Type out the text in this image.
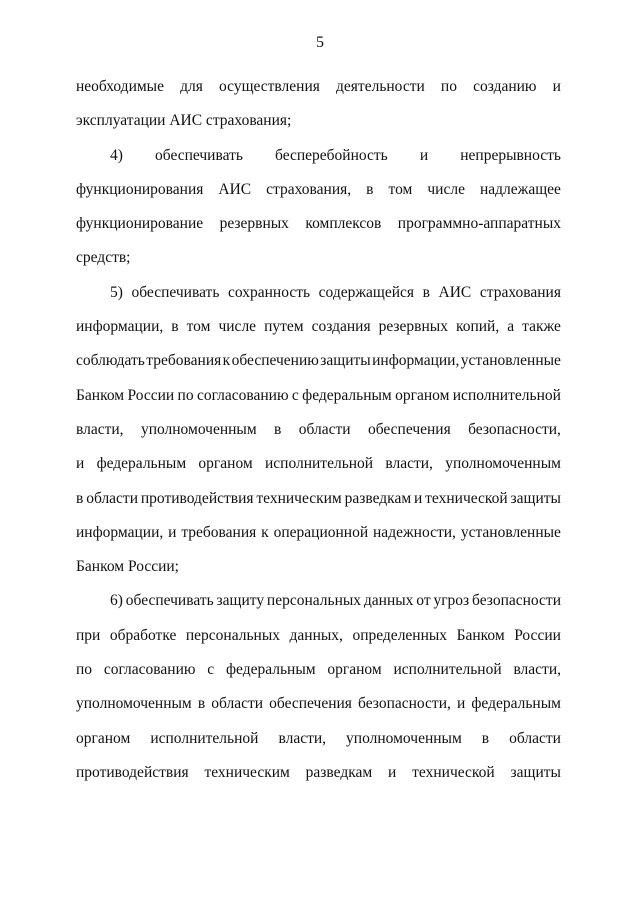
5
необходимые для осуществления деятельности по созданию и
эксплуатации АИС страхования;
4) обеспечивать бесперебойность и непрерывность
функционирования АИС страхования, в том числе надлежащее
функционирование резервных комплексов программно-аппаратных
средств;
5) обеспечивать сохранность содержащейся в АИС страхования
информации, в том числе путем создания резервных копий, а также
соблюдать требования к обеспечению защиты информации, установленные
Банком России по согласованию с федеральным органом исполнительной
власти, уполномоченным в области обеспечения безопасности,
и федеральным органом исполнительной власти, уполномоченным
в области противодействия техническим разведкам и технической защиты
информации, и требования к операционной надежности, установленные
Банком России;
6) обеспечивать защиту персональных данных от угроз безопасности
при обработке персональных данных, определенных Банком России
по согласованию с федеральным органом исполнительной власти,
уполномоченным в области обеспечения безопасности, и федеральным
органом исполнительной власти, уполномоченным в области
противодействия техническим разведкам и технической защиты
